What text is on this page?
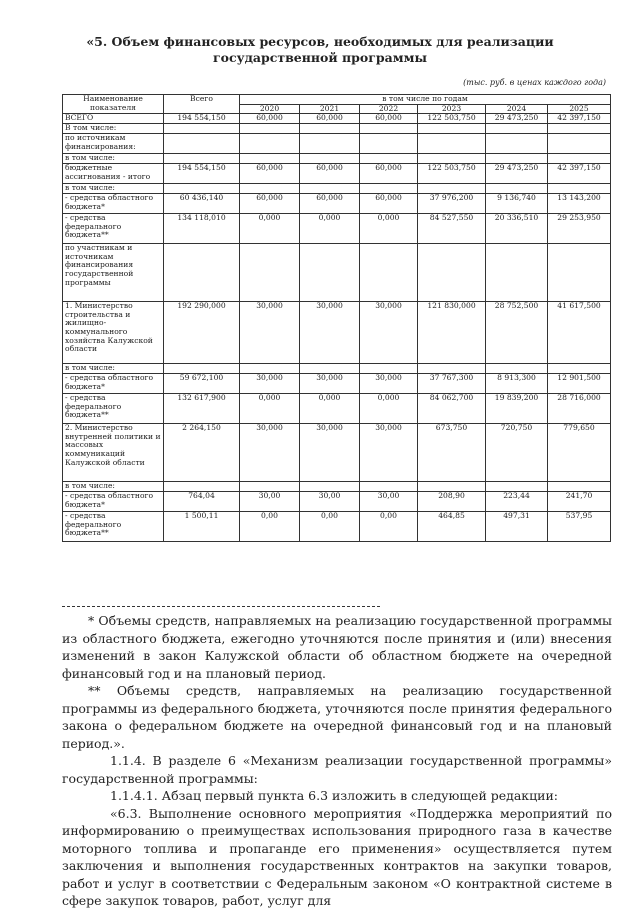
«5. Объем финансовых ресурсов, необходимых для реализации
государственной программы
(тыс. руб. в ценах каждого года)
Наименование показателя	Всего	в том числе по годам					
		2020	2021	2022	2023	2024	2025
ВСЕГО	194 554,150	60,000	60,000	60,000	122 503,750	29 473,250	42 397,150
В том числе:							
по источникам финансирования:							
в том числе:							
бюджетные ассигнования - итого	194 554,150	60,000	60,000	60,000	122 503,750	29 473,250	42 397,150
в том числе:							
- средства областного бюджета*	60 436,140	60,000	60,000	60,000	37 976,200	9 136,740	13 143,200
- средства федерального бюджета**	134 118,010	0,000	0,000	0,000	84 527,550	20 336,510	29 253,950
по участникам и источникам финансирования государственной программы							
1. Министерство строительства и жилищно-коммунального хозяйства Калужской области	192 290,000	30,000	30,000	30,000	121 830,000	28 752,500	41 617,500
в том числе:							
- средства областного бюджета*	59 672,100	30,000	30,000	30,000	37 767,300	8 913,300	12 901,500
- средства федерального бюджета**	132 617,900	0,000	0,000	0,000	84 062,700	19 839,200	28 716,000
2. Министерство внутренней политики и массовых коммуникаций Калужской области	2 264,150	30,000	30,000	30,000	673,750	720,750	779,650
в том числе:							
- средства областного бюджета*	764,04	30,00	30,00	30,00	208,90	223,44	241,70
- средства федерального бюджета**	1 500,11	0,00	0,00	0,00	464,85	497,31	537,95

* Объемы средств, направляемых на реализацию государственной программы из областного бюджета, ежегодно уточняются после принятия и (или) внесения изменений в закон Калужской области об областном бюджете на очередной финансовый год и на плановый период.

** Объемы средств, направляемых на реализацию государственной программы из федерального бюджета, уточняются после принятия федерального закона о федеральном бюджете на очередной финансовый год и на плановый период.».

1.1.4. В разделе 6 «Механизм реализации государственной программы» государственной программы:

1.1.4.1. Абзац первый пункта 6.3 изложить в следующей редакции:

«6.3. Выполнение основного мероприятия «Поддержка мероприятий по информированию о преимуществах использования природного газа в качестве моторного топлива и пропаганде его применения» осуществляется путем заключения и выполнения государственных контрактов на закупки товаров, работ и услуг в соответствии с Федеральным законом «О контрактной системе в сфере закупок товаров, работ, услуг для
